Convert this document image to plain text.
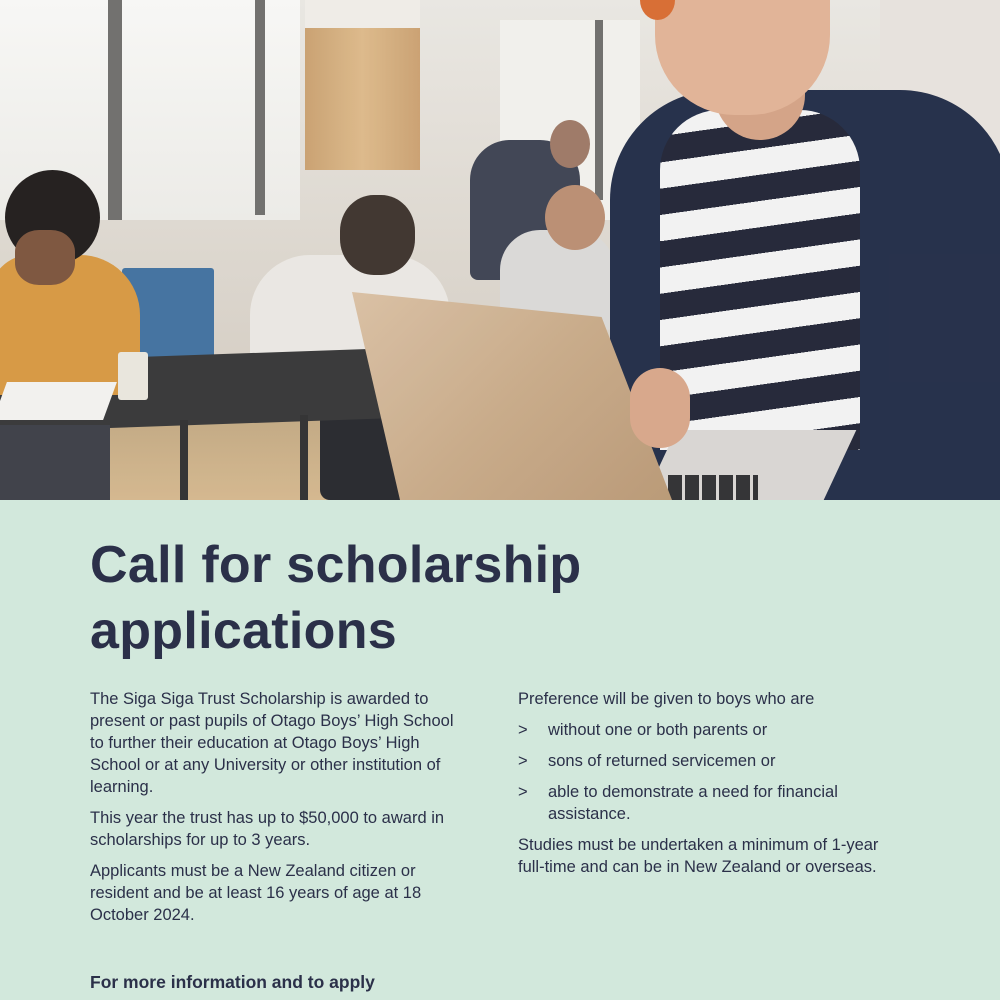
Call for scholarship
applications

The Siga Siga Trust Scholarship is awarded to present or past pupils of Otago Boys’ High School to further their education at Otago Boys’ High School or at any University or other institution of learning.

This year the trust has up to $50,000 to award in scholarships for up to 3 years.

Applicants must be a New Zealand citizen or resident and be at least 16 years of age at 18 October 2024.

Preference will be given to boys who are

> without one or both parents or
> sons of returned servicemen or
> able to demonstrate a need for financial assistance.

Studies must be undertaken a minimum of 1-year full-time and can be in New Zealand or overseas.

For more information and to apply
